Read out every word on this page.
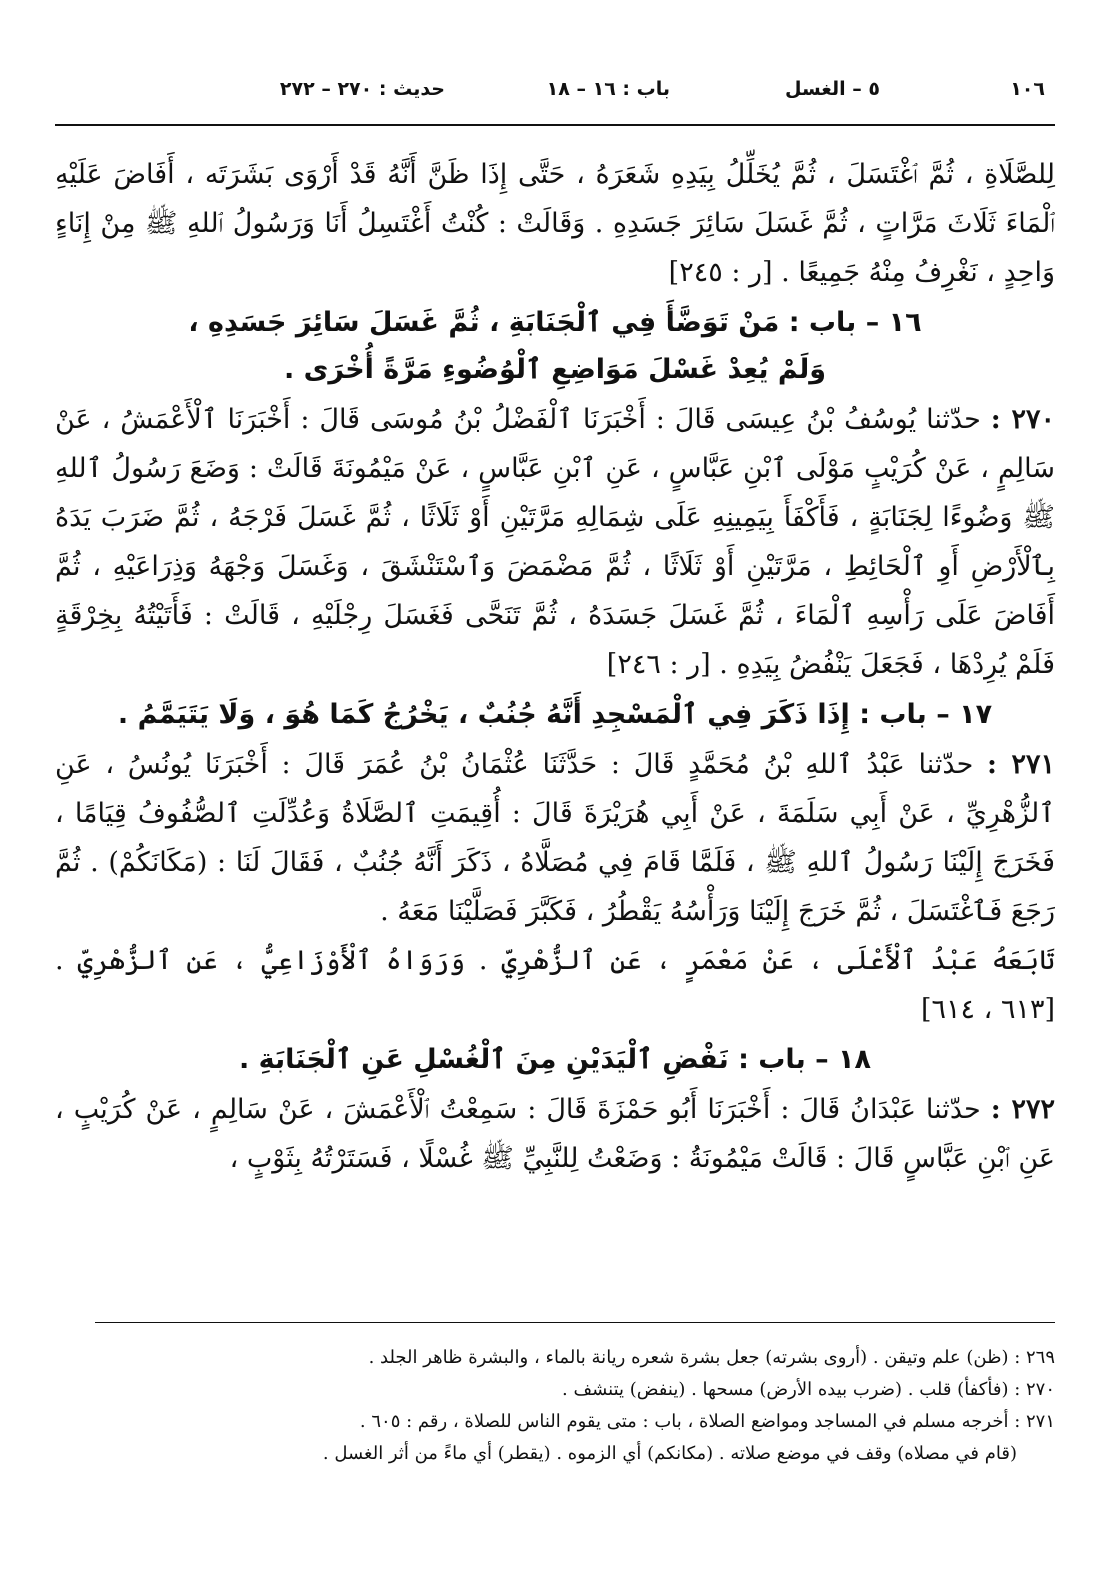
١٠٦
٥ – الغسل
باب : ١٦ – ١٨
حديث : ٢٧٠ – ٢٧٢

لِلصَّلَاةِ ، ثُمَّ ٱغْتَسَلَ ، ثُمَّ يُخَلِّلُ بِيَدِهِ شَعَرَهُ ، حَتَّى إِذَا ظَنَّ أَنَّهُ قَدْ أَرْوَى بَشَرَتَه ، أَفَاضَ عَلَيْهِ ٱلْمَاءَ ثَلَاثَ مَرَّاتٍ ، ثُمَّ غَسَلَ سَائِرَ جَسَدِهِ . وَقَالَتْ : كُنْتُ أَغْتَسِلُ أَنَا وَرَسُولُ ٱللهِ ﷺ مِنْ إِنَاءٍ وَاحِدٍ ، نَغْرِفُ مِنْهُ جَمِيعًا . [ر : ٢٤٥]

١٦ – باب : مَنْ تَوَضَّأَ فِي ٱلْجَنَابَةِ ، ثُمَّ غَسَلَ سَائِرَ جَسَدِهِ ،
وَلَمْ يُعِدْ غَسْلَ مَوَاضِعِ ٱلْوُضُوءِ مَرَّةً أُخْرَى .

٢٧٠ : حدّثنا يُوسُفُ بْنُ عِيسَى قَالَ : أَخْبَرَنَا ٱلْفَضْلُ بْنُ مُوسَى قَالَ : أَخْبَرَنَا ٱلْأَعْمَشُ ، عَنْ سَالِمٍ ، عَنْ كُرَيْبٍ مَوْلَى ٱبْنِ عَبَّاسٍ ، عَنِ ٱبْنِ عَبَّاسٍ ، عَنْ مَيْمُونَةَ قَالَتْ : وَضَعَ رَسُولُ ٱللهِ ﷺ وَضُوءًا لِجَنَابَةٍ ، فَأَكْفَأَ بِيَمِينِهِ عَلَى شِمَالِهِ مَرَّتَيْنِ أَوْ ثَلَاثًا ، ثُمَّ غَسَلَ فَرْجَهُ ، ثُمَّ ضَرَبَ يَدَهُ بِٱلْأَرْضِ أَوِ ٱلْحَائِطِ ، مَرَّتَيْنِ أَوْ ثَلَاثًا ، ثُمَّ مَضْمَضَ وَٱسْتَنْشَقَ ، وَغَسَلَ وَجْهَهُ وَذِرَاعَيْهِ ، ثُمَّ أَفَاضَ عَلَى رَأْسِهِ ٱلْمَاءَ ، ثُمَّ غَسَلَ جَسَدَهُ ، ثُمَّ تَنَحَّى فَغَسَلَ رِجْلَيْهِ ، قَالَتْ : فَأَتَيْتُهُ بِخِرْقَةٍ فَلَمْ يُرِدْهَا ، فَجَعَلَ يَنْفُضُ بِيَدِهِ . [ر : ٢٤٦]

١٧ – باب : إِذَا ذَكَرَ فِي ٱلْمَسْجِدِ أَنَّهُ جُنُبٌ ، يَخْرُجُ كَمَا هُوَ ، وَلَا يَتَيَمَّمُ .

٢٧١ : حدّثنا عَبْدُ ٱللهِ بْنُ مُحَمَّدٍ قَالَ : حَدَّثَنَا عُثْمَانُ بْنُ عُمَرَ قَالَ : أَخْبَرَنَا يُونُسُ ، عَنِ ٱلزُّهْرِيِّ ، عَنْ أَبِي سَلَمَةَ ، عَنْ أَبِي هُرَيْرَةَ قَالَ : أُقِيمَتِ ٱلصَّلَاةُ وَعُدِّلَتِ ٱلصُّفُوفُ قِيَامًا ، فَخَرَجَ إِلَيْنَا رَسُولُ ٱللهِ ﷺ ، فَلَمَّا قَامَ فِي مُصَلَّاهُ ، ذَكَرَ أَنَّهُ جُنُبٌ ، فَقَالَ لَنَا : (مَكَانَكُمْ) . ثُمَّ رَجَعَ فَٱغْتَسَلَ ، ثُمَّ خَرَجَ إِلَيْنَا وَرَأْسُهُ يَقْطُرُ ، فَكَبَّرَ فَصَلَّيْنَا مَعَهُ .

تَابَعَهُ عَبْدُ ٱلْأَعْلَى ، عَنْ مَعْمَرٍ ، عَنِ ٱلزُّهْرِيِّ . وَرَوَاهُ ٱلْأَوْزَاعِيُّ ، عَنِ ٱلزُّهْرِيِّ . [٦١٣ ، ٦١٤]

١٨ – باب : نَفْضِ ٱلْيَدَيْنِ مِنَ ٱلْغُسْلِ عَنِ ٱلْجَنَابَةِ .

٢٧٢ : حدّثنا عَبْدَانُ قَالَ : أَخْبَرَنَا أَبُو حَمْزَةَ قَالَ : سَمِعْتُ ٱلْأَعْمَشَ ، عَنْ سَالِمٍ ، عَنْ كُرَيْبٍ ، عَنِ ٱبْنِ عَبَّاسٍ قَالَ : قَالَتْ مَيْمُونَةُ : وَضَعْتُ لِلنَّبِيِّ ﷺ غُسْلًا ، فَسَتَرْتُهُ بِثَوْبٍ ،

٢٦٩ : (ظن) علم وتيقن . (أروى بشرته) جعل بشرة شعره ريانة بالماء ، والبشرة ظاهر الجلد .
٢٧٠ : (فأكفأ) قلب . (ضرب بيده الأرض) مسحها . (ينفض) يتنشف .
٢٧١ : أخرجه مسلم في المساجد ومواضع الصلاة ، باب : متى يقوم الناس للصلاة ، رقم : ٦٠٥ .
(قام في مصلاه) وقف في موضع صلاته . (مكانكم) أي الزموه . (يقطر) أي ماءً من أثر الغسل .
